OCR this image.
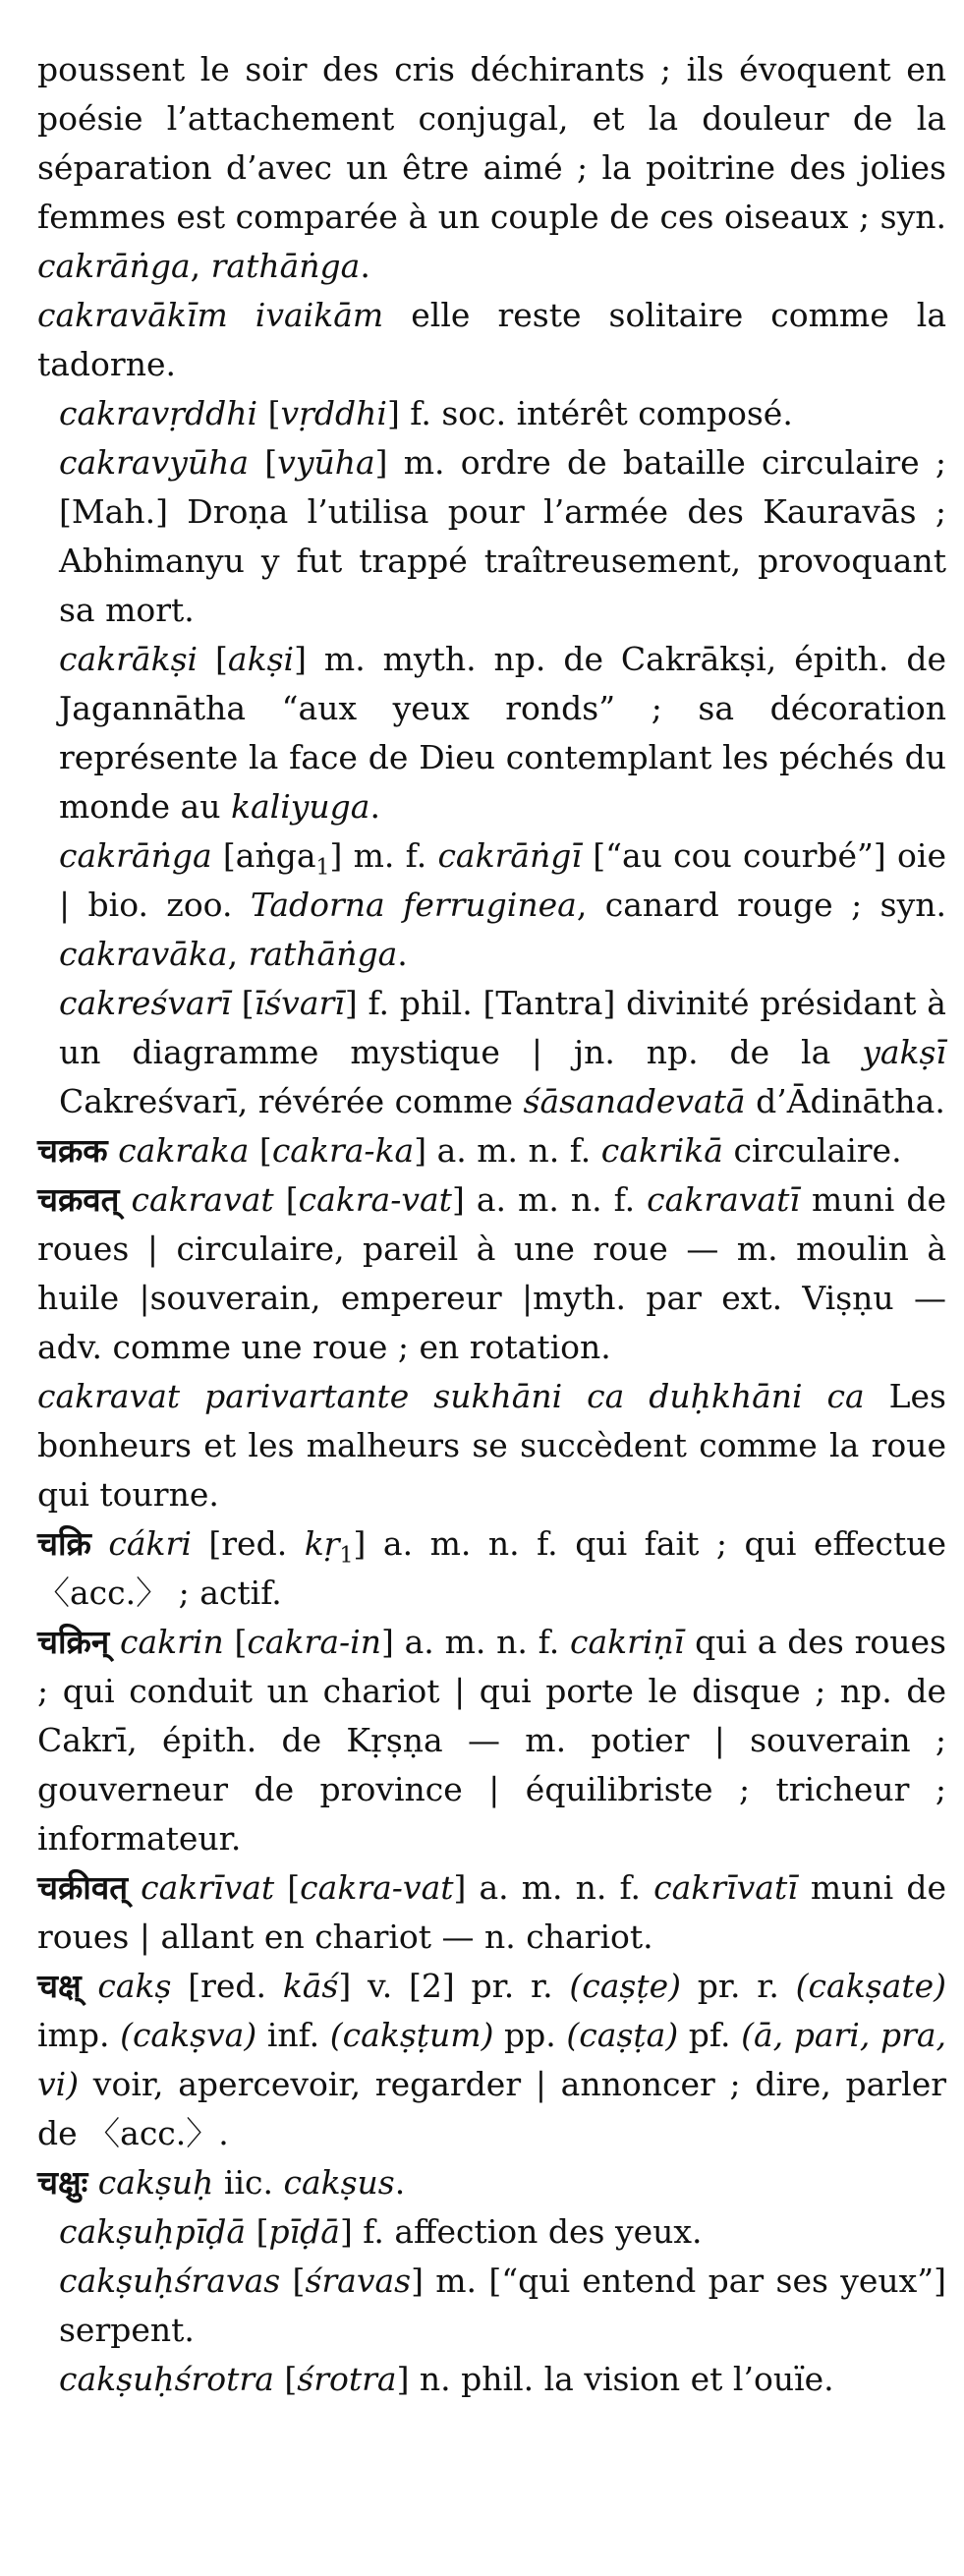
poussent le soir des cris déchirants ; ils évoquent en poésie l’attachement conjugal, et la douleur de la séparation d’avec un être aimé ; la poitrine des jolies femmes est comparée à un couple de ces oiseaux ; syn. cakrāṅga, rathāṅga.

cakravākīm ivaikām elle reste solitaire comme la tadorne.

cakravṛddhi [vṛddhi] f. soc. intérêt composé.

cakravyūha [vyūha] m. ordre de bataille circulaire ; [Mah.] Droṇa l’utilisa pour l’armée des Kauravās ; Abhimanyu y fut trappé traîtreusement, provoquant sa mort.

cakrākṣi [akṣi] m. myth. np. de Cakrākṣi, épith. de Jagannātha “aux yeux ronds” ; sa décoration représente la face de Dieu contemplant les péchés du monde au kaliyuga.

cakrāṅga [aṅga$_1$] m. f. cakrāṅgī [“au cou courbé”] oie | bio. zoo. Tadorna ferruginea, canard rouge ; syn. cakravāka, rathāṅga.

cakreśvarī [īśvarī] f. phil. [Tantra] divinité présidant à un diagramme mystique | jn. np. de la yakṣī Cakreśvarī, révérée comme śāsanadevatā d’Ādinātha.

चक्रक cakraka [cakra-ka] a. m. n. f. cakrikā circulaire.

चक्रवत् cakravat [cakra-vat] a. m. n. f. cakravatī muni de roues | circulaire, pareil à une roue — m. moulin à huile |souverain, empereur |myth. par ext. Viṣṇu — adv. comme une roue ; en rotation.

cakravat parivartante sukhāni ca duḥkhāni ca Les bonheurs et les malheurs se succèdent comme la roue qui tourne.

चक्रि cákri [red. kṛ$_1$] a. m. n. f. qui fait ; qui effectue 〈acc.〉 ; actif.

चक्रिन् cakrin [cakra-in] a. m. n. f. cakriṇī qui a des roues ; qui conduit un chariot | qui porte le disque ; np. de Cakrī, épith. de Kṛṣṇa — m. potier | souverain ; gouverneur de province | équilibriste ; tricheur ; informateur.

चक्रीवत् cakrīvat [cakra-vat] a. m. n. f. cakrīvatī muni de roues | allant en chariot — n. chariot.

चक्ष् cakṣ [red. kāś] v. [2] pr. r. (caṣṭe) pr. r. (cakṣate) imp. (cakṣva) inf. (cakṣṭum) pp. (caṣṭa) pf. (ā, pari, pra, vi) voir, apercevoir, regarder | annoncer ; dire, parler de 〈acc.〉.

चक्षुः cakṣuḥ iic. cakṣus.

cakṣuḥpīḍā [pīḍā] f. affection des yeux.

cakṣuḥśravas [śravas] m. [“qui entend par ses yeux”] serpent.

cakṣuḥśrotra [śrotra] n. phil. la vision et l’ouïe.
